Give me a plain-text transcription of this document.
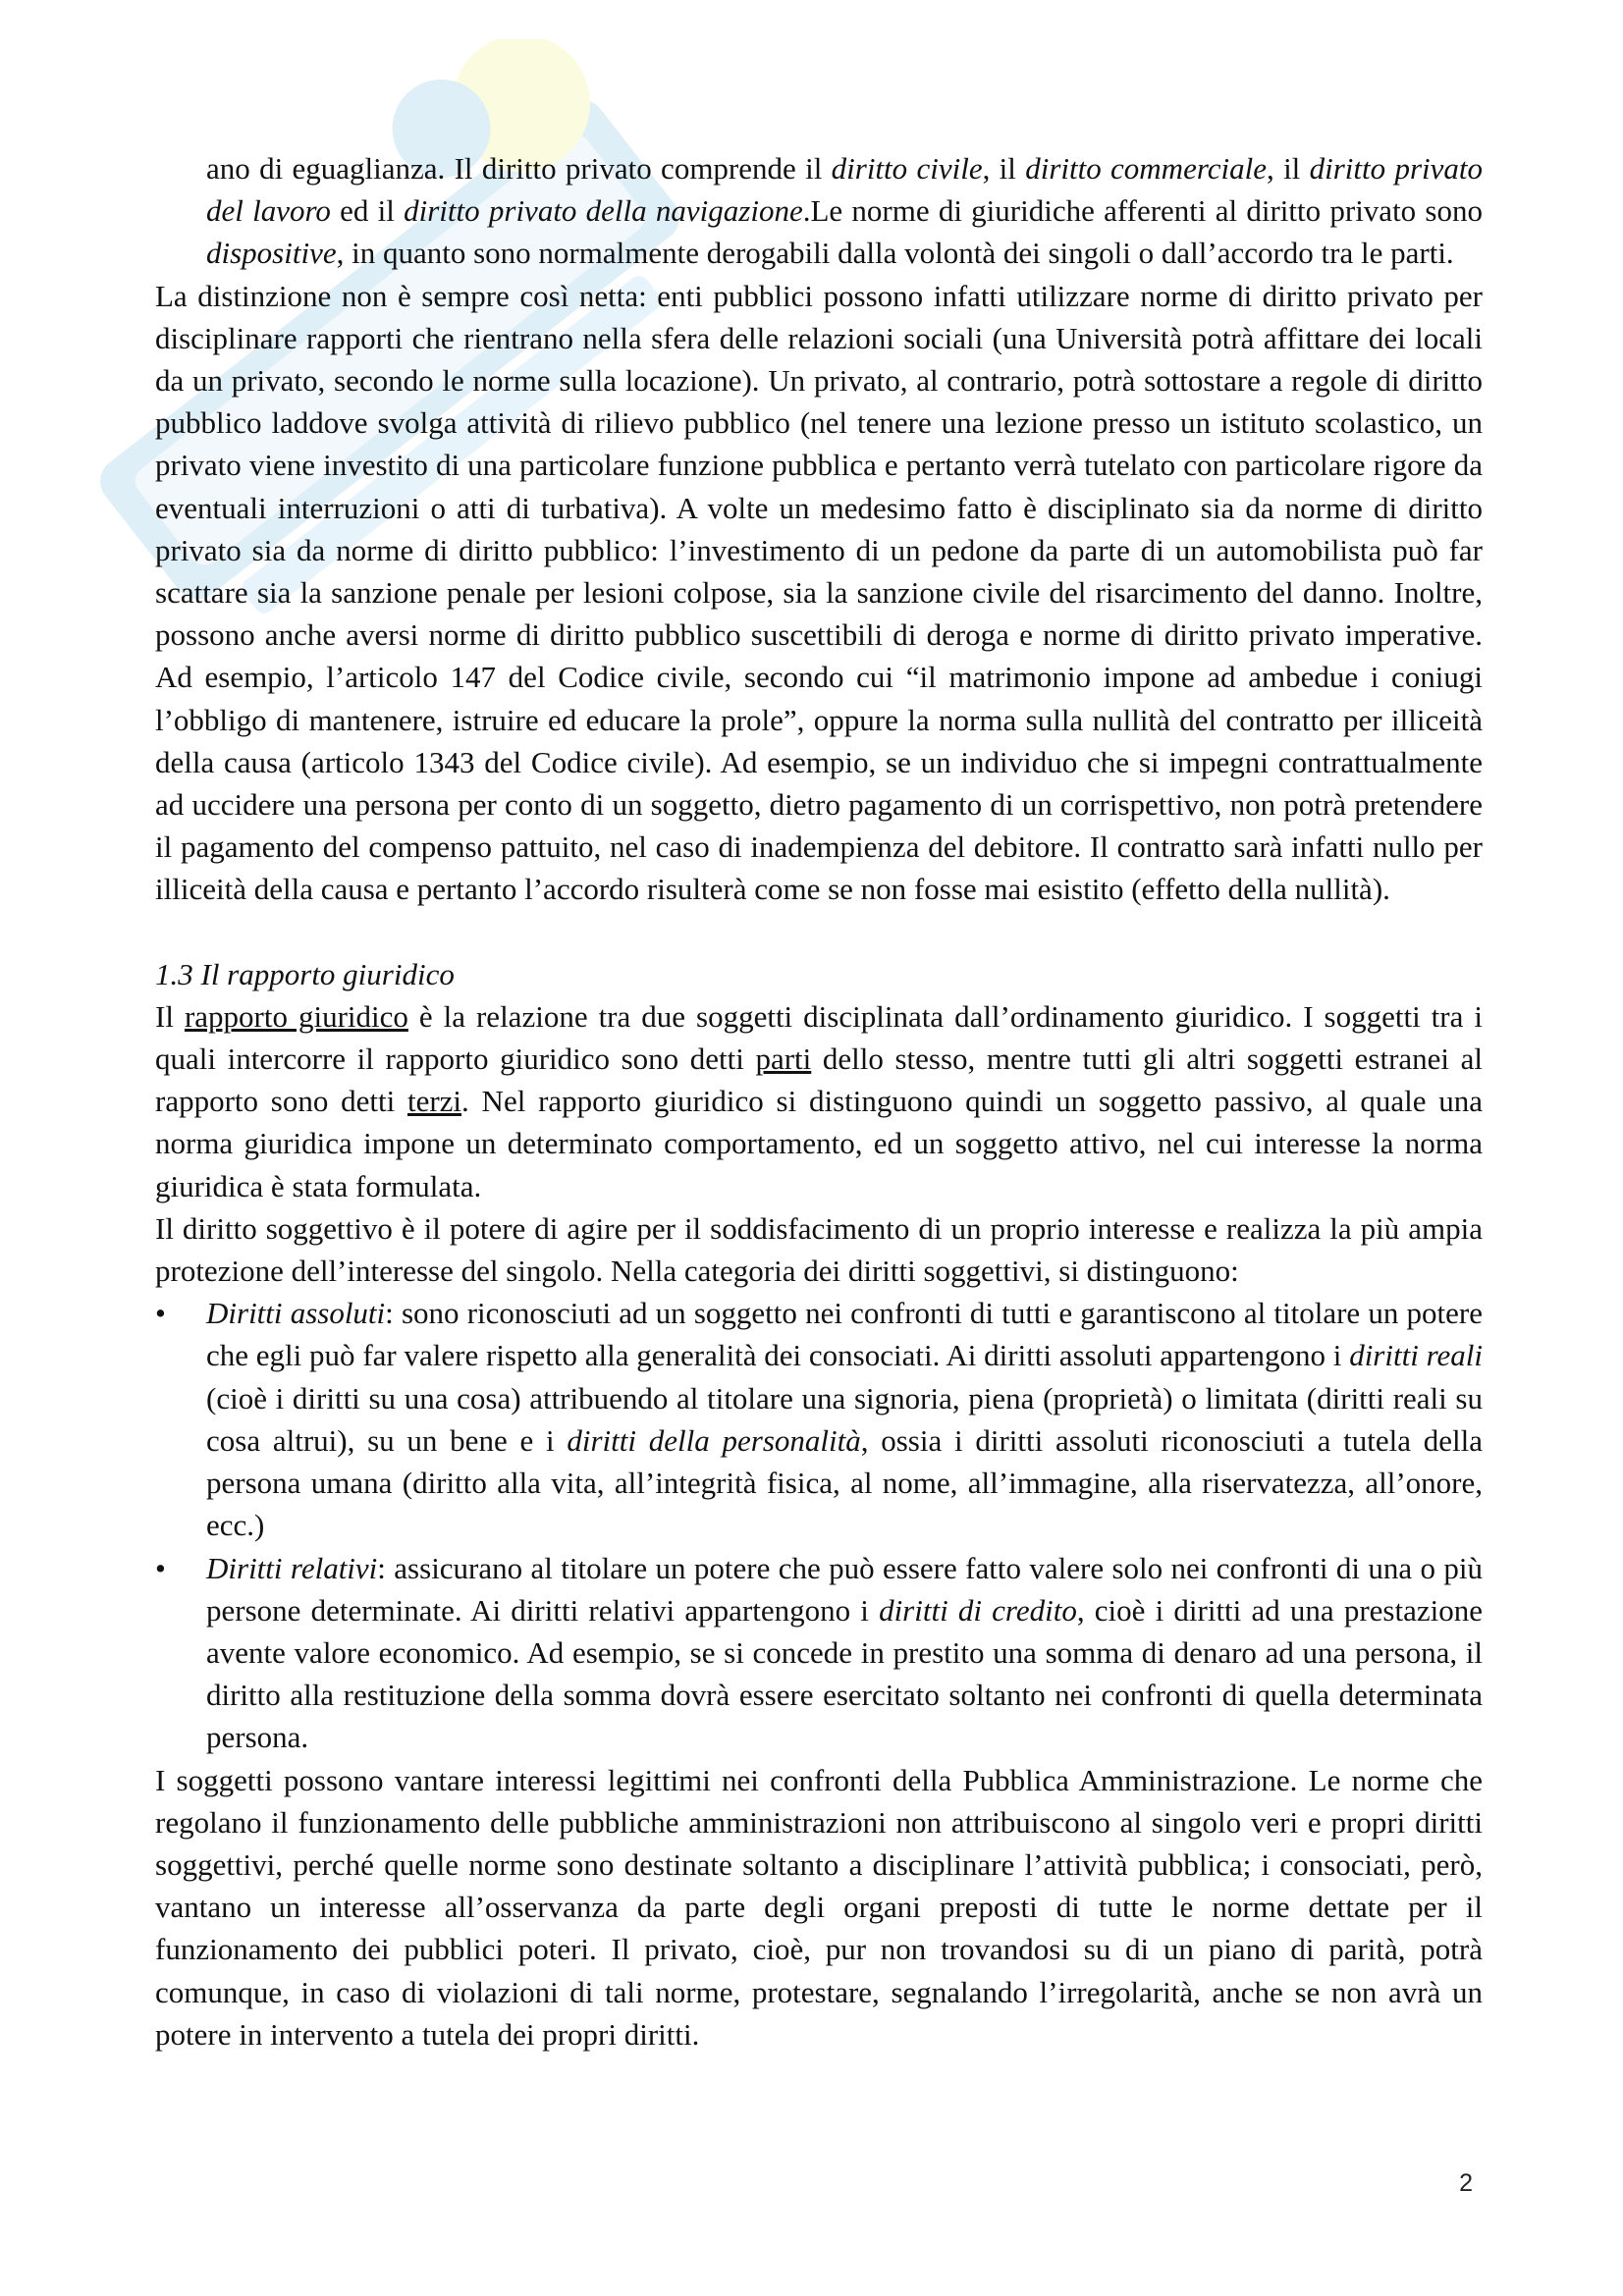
ano di eguaglianza. Il diritto privato comprende il diritto civile, il diritto commerciale, il diritto privato del lavoro ed il diritto privato della navigazione.Le norme di giuridiche afferenti al diritto privato sono dispositive, in quanto sono normalmente derogabili dalla volontà dei singoli o dall’accordo tra le parti.

La distinzione non è sempre così netta: enti pubblici possono infatti utilizzare norme di diritto privato per disciplinare rapporti che rientrano nella sfera delle relazioni sociali (una Università potrà affittare dei locali da un privato, secondo le norme sulla locazione). Un privato, al contrario, potrà sottostare a regole di diritto pubblico laddove svolga attività di rilievo pubblico (nel tenere una lezione presso un istituto scolastico, un privato viene investito di una particolare funzione pubblica e pertanto verrà tutelato con particolare rigore da eventuali interruzioni o atti di turbativa). A volte un medesimo fatto è disciplinato sia da norme di diritto privato sia da norme di diritto pubblico: l’investimento di un pedone da parte di un automobilista può far scattare sia la sanzione penale per lesioni colpose, sia la sanzione civile del risarcimento del danno. Inoltre, possono anche aversi norme di diritto pubblico suscettibili di deroga e norme di diritto privato imperative. Ad esempio, l’articolo 147 del Codice civile, secondo cui “il matrimonio impone ad ambedue i coniugi l’obbligo di mantenere, istruire ed educare la prole”, oppure la norma sulla nullità del contratto per illiceità della causa (articolo 1343 del Codice civile). Ad esempio, se un individuo che si impegni contrattualmente ad uccidere una persona per conto di un soggetto, dietro pagamento di un corrispettivo, non potrà pretendere il pagamento del compenso pattuito, nel caso di inadempienza del debitore. Il contratto sarà infatti nullo per illiceità della causa e pertanto l’accordo risulterà come se non fosse mai esistito (effetto della nullità).

1.3 Il rapporto giuridico

Il rapporto giuridico è la relazione tra due soggetti disciplinata dall’ordinamento giuridico. I soggetti tra i quali intercorre il rapporto giuridico sono detti parti dello stesso, mentre tutti gli altri soggetti estranei al rapporto sono detti terzi. Nel rapporto giuridico si distinguono quindi un soggetto passivo, al quale una norma giuridica impone un determinato comportamento, ed un soggetto attivo, nel cui interesse la norma giuridica è stata formulata.

Il diritto soggettivo è il potere di agire per il soddisfacimento di un proprio interesse e realizza la più ampia protezione dell’interesse del singolo. Nella categoria dei diritti soggettivi, si distinguono:

• Diritti assoluti: sono riconosciuti ad un soggetto nei confronti di tutti e garantiscono al titolare un potere che egli può far valere rispetto alla generalità dei consociati. Ai diritti assoluti appartengono i diritti reali (cioè i diritti su una cosa) attribuendo al titolare una signoria, piena (proprietà) o limitata (diritti reali su cosa altrui), su un bene e i diritti della personalità, ossia i diritti assoluti riconosciuti a tutela della persona umana (diritto alla vita, all’integrità fisica, al nome, all’immagine, alla riservatezza, all’onore, ecc.)
• Diritti relativi: assicurano al titolare un potere che può essere fatto valere solo nei confronti di una o più persone determinate. Ai diritti relativi appartengono i diritti di credito, cioè i diritti ad una prestazione avente valore economico. Ad esempio, se si concede in prestito una somma di denaro ad una persona, il diritto alla restituzione della somma dovrà essere esercitato soltanto nei confronti di quella determinata persona.

I soggetti possono vantare interessi legittimi nei confronti della Pubblica Amministrazione. Le norme che regolano il funzionamento delle pubbliche amministrazioni non attribuiscono al singolo veri e propri diritti soggettivi, perché quelle norme sono destinate soltanto a disciplinare l’attività pubblica; i consociati, però, vantano un interesse all’osservanza da parte degli organi preposti di tutte le norme dettate per il funzionamento dei pubblici poteri. Il privato, cioè, pur non trovandosi su di un piano di parità, potrà comunque, in caso di violazioni di tali norme, protestare, segnalando l’irregolarità, anche se non avrà un potere in intervento a tutela dei propri diritti.

2
